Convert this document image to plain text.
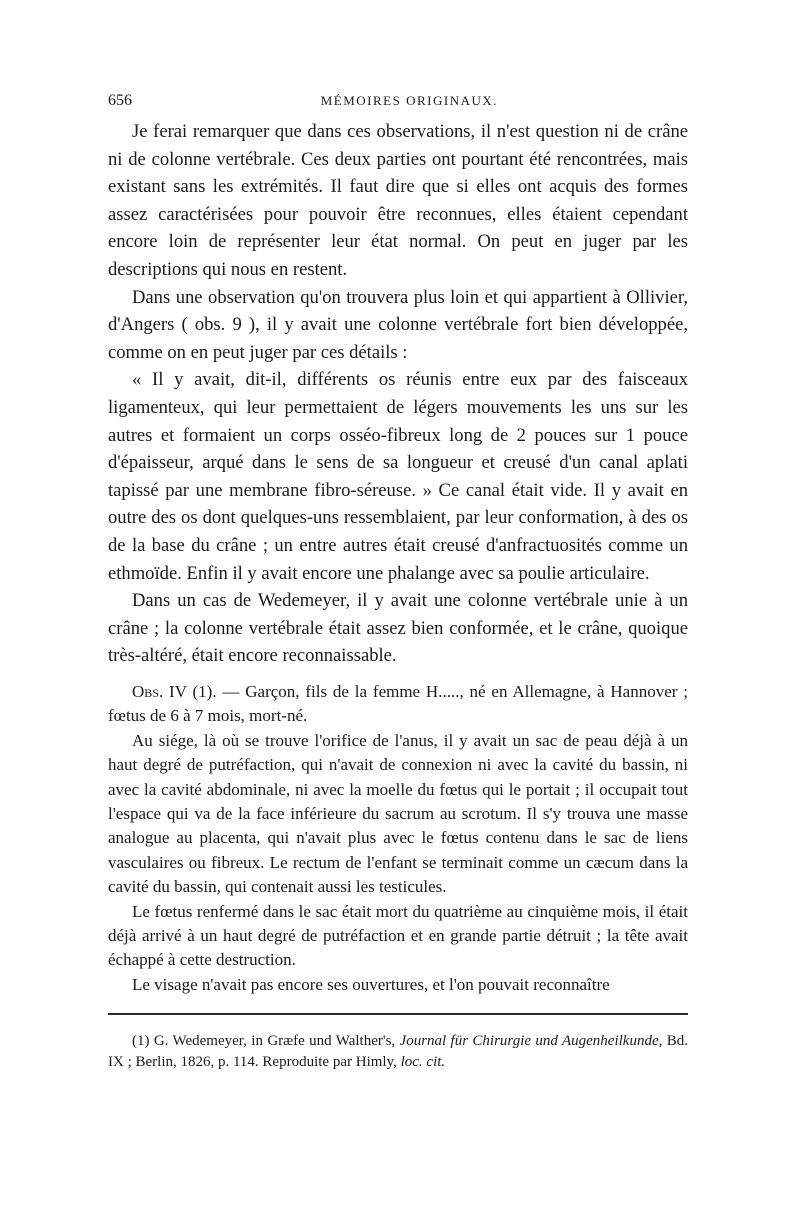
656	MÉMOIRES ORIGINAUX.

Je ferai remarquer que dans ces observations, il n'est question ni de crâne ni de colonne vertébrale. Ces deux parties ont pourtant été rencontrées, mais existant sans les extrémités. Il faut dire que si elles ont acquis des formes assez caractérisées pour pouvoir être reconnues, elles étaient cependant encore loin de représenter leur état normal. On peut en juger par les descriptions qui nous en restent.

Dans une observation qu'on trouvera plus loin et qui appartient à Ollivier, d'Angers ( obs. 9 ), il y avait une colonne vertébrale fort bien développée, comme on en peut juger par ces détails :

« Il y avait, dit-il, différents os réunis entre eux par des faisceaux ligamenteux, qui leur permettaient de légers mouvements les uns sur les autres et formaient un corps osséo-fibreux long de 2 pouces sur 1 pouce d'épaisseur, arqué dans le sens de sa longueur et creusé d'un canal aplati tapissé par une membrane fibro-séreuse. » Ce canal était vide. Il y avait en outre des os dont quelques-uns ressemblaient, par leur conformation, à des os de la base du crâne ; un entre autres était creusé d'anfractuosités comme un ethmoïde. Enfin il y avait encore une phalange avec sa poulie articulaire.

Dans un cas de Wedemeyer, il y avait une colonne vertébrale unie à un crâne ; la colonne vertébrale était assez bien conformée, et le crâne, quoique très-altéré, était encore reconnaissable.

Obs. IV (1). — Garçon, fils de la femme H....., né en Allemagne, à Hannover ; fœtus de 6 à 7 mois, mort-né.

Au siége, là où se trouve l'orifice de l'anus, il y avait un sac de peau déjà à un haut degré de putréfaction, qui n'avait de connexion ni avec la cavité du bassin, ni avec la cavité abdominale, ni avec la moelle du fœtus qui le portait ; il occupait tout l'espace qui va de la face inférieure du sacrum au scrotum. Il s'y trouva une masse analogue au placenta, qui n'avait plus avec le fœtus contenu dans le sac de liens vasculaires ou fibreux. Le rectum de l'enfant se terminait comme un cæcum dans la cavité du bassin, qui contenait aussi les testicules.

Le fœtus renfermé dans le sac était mort du quatrième au cinquième mois, il était déjà arrivé à un haut degré de putréfaction et en grande partie détruit ; la tête avait échappé à cette destruction.

Le visage n'avait pas encore ses ouvertures, et l'on pouvait reconnaître

(1) G. Wedemeyer, in Græfe und Walther's, Journal für Chirurgie und Augenheilkunde, Bd. IX ; Berlin, 1826, p. 114. Reproduite par Himly, loc. cit.
